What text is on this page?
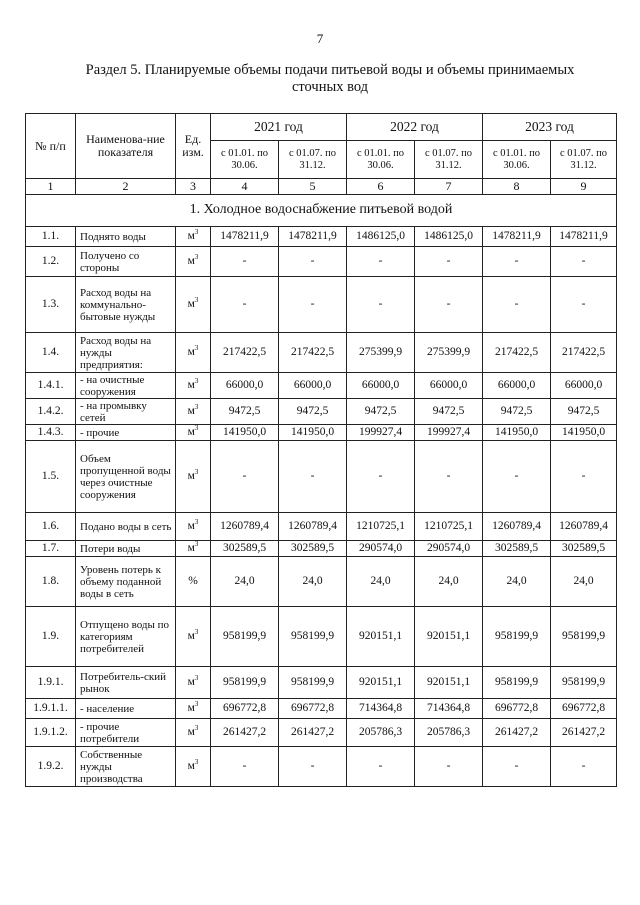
7
Раздел 5. Планируемые объемы подачи питьевой воды и объемы принимаемых сточных вод
№ п/п	Наименова-ние показателя	Ед. изм.	2021 год		2022 год		2023 год	
			с 01.01. по 30.06.	с 01.07. по 31.12.	с 01.01. по 30.06.	с 01.07. по 31.12.	с 01.01. по 30.06.	с 01.07. по 31.12.
1	2	3	4	5	6	7	8	9
1. Холодное водоснабжение питьевой водой								
1.1.	Поднято воды	$м^3$	1478211,9	1478211,9	1486125,0	1486125,0	1478211,9	1478211,9
1.2.	Получено со стороны	$м^3$	-	-	-	-	-	-
1.3.	Расход воды на коммунально-бытовые нужды	$м^3$	-	-	-	-	-	-
1.4.	Расход воды на нужды предприятия:	$м^3$	217422,5	217422,5	275399,9	275399,9	217422,5	217422,5
1.4.1.	- на очистные сооружения	$м^3$	66000,0	66000,0	66000,0	66000,0	66000,0	66000,0
1.4.2.	- на промывку сетей	$м^3$	9472,5	9472,5	9472,5	9472,5	9472,5	9472,5
1.4.3.	- прочие	$м^3$	141950,0	141950,0	199927,4	199927,4	141950,0	141950,0
1.5.	Объем пропущенной воды через очистные сооружения	$м^3$	-	-	-	-	-	-
1.6.	Подано воды в сеть	$м^3$	1260789,4	1260789,4	1210725,1	1210725,1	1260789,4	1260789,4
1.7.	Потери воды	$м^3$	302589,5	302589,5	290574,0	290574,0	302589,5	302589,5
1.8.	Уровень потерь к объему поданной воды в сеть	%	24,0	24,0	24,0	24,0	24,0	24,0
1.9.	Отпущено воды по категориям потребителей	$м^3$	958199,9	958199,9	920151,1	920151,1	958199,9	958199,9
1.9.1.	Потребитель-ский рынок	$м^3$	958199,9	958199,9	920151,1	920151,1	958199,9	958199,9
1.9.1.1.	- население	$м^3$	696772,8	696772,8	714364,8	714364,8	696772,8	696772,8
1.9.1.2.	- прочие потребители	$м^3$	261427,2	261427,2	205786,3	205786,3	261427,2	261427,2
1.9.2.	Собственные нужды производства	$м^3$	-	-	-	-	-	-
